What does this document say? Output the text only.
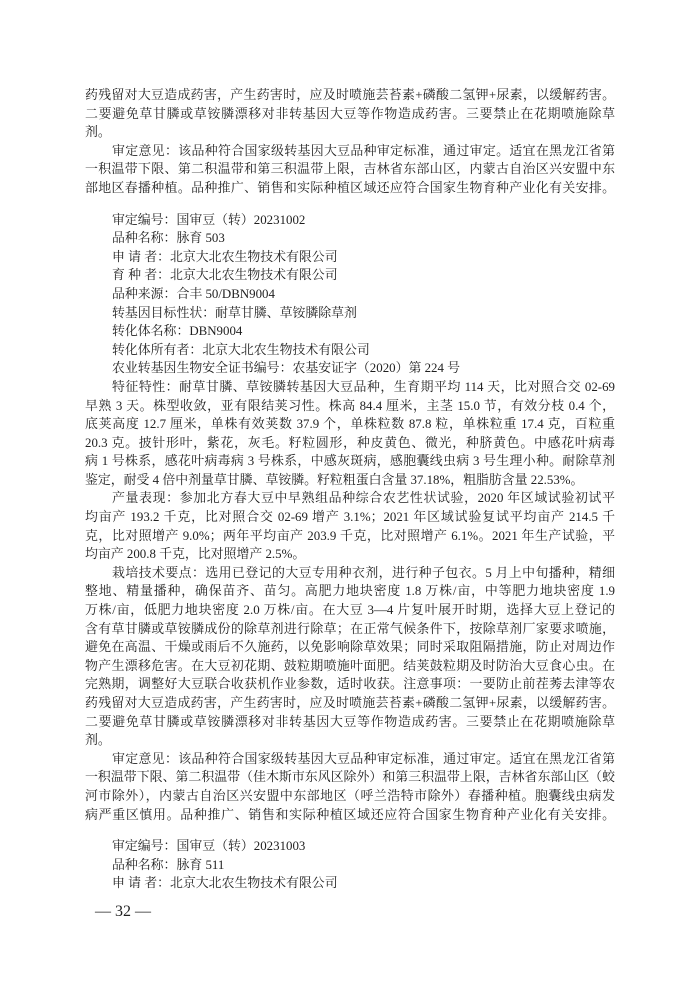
药残留对大豆造成药害，产生药害时，应及时喷施芸苔素+磷酸二氢钾+尿素，以缓解药害。
二要避免草甘膦或草铵膦漂移对非转基因大豆等作物造成药害。三要禁止在花期喷施除草
剂。
审定意见：该品种符合国家级转基因大豆品种审定标准，通过审定。适宜在黑龙江省第
一积温带下限、第二积温带和第三积温带上限，吉林省东部山区，内蒙古自治区兴安盟中东
部地区春播种植。品种推广、销售和实际种植区域还应符合国家生物育种产业化有关安排。
审定编号：国审豆（转）20231002
品种名称：脉育 503
申 请 者：北京大北农生物技术有限公司
育 种 者：北京大北农生物技术有限公司
品种来源：合丰 50/DBN9004
转基因目标性状：耐草甘膦、草铵膦除草剂
转化体名称：DBN9004
转化体所有者：北京大北农生物技术有限公司
农业转基因生物安全证书编号：农基安证字（2020）第 224 号
特征特性：耐草甘膦、草铵膦转基因大豆品种，生育期平均 114 天，比对照合交 02-69
早熟 3 天。株型收敛，亚有限结荚习性。株高 84.4 厘米，主茎 15.0 节，有效分枝 0.4 个，
底荚高度 12.7 厘米，单株有效荚数 37.9 个，单株粒数 87.8 粒，单株粒重 17.4 克，百粒重
20.3 克。披针形叶，紫花，灰毛。籽粒圆形，种皮黄色、微光，种脐黄色。中感花叶病毒
病 1 号株系，感花叶病毒病 3 号株系，中感灰斑病，感胞囊线虫病 3 号生理小种。耐除草剂
鉴定，耐受 4 倍中剂量草甘膦、草铵膦。籽粒粗蛋白含量 37.18%，粗脂肪含量 22.53%。
产量表现：参加北方春大豆中早熟组品种综合农艺性状试验，2020 年区域试验初试平
均亩产 193.2 千克，比对照合交 02-69 增产 3.1%；2021 年区域试验复试平均亩产 214.5 千
克，比对照增产 9.0%；两年平均亩产 203.9 千克，比对照增产 6.1%。2021 年生产试验，平
均亩产 200.8 千克，比对照增产 2.5%。
栽培技术要点：选用已登记的大豆专用种衣剂，进行种子包衣。5 月上中旬播种，精细
整地、精量播种，确保苗齐、苗匀。高肥力地块密度 1.8 万株/亩，中等肥力地块密度 1.9
万株/亩，低肥力地块密度 2.0 万株/亩。在大豆 3—4 片复叶展开时期，选择大豆上登记的
含有草甘膦或草铵膦成份的除草剂进行除草；在正常气候条件下，按除草剂厂家要求喷施，
避免在高温、干燥或雨后不久施药，以免影响除草效果；同时采取阻隔措施，防止对周边作
物产生漂移危害。在大豆初花期、鼓粒期喷施叶面肥。结荚鼓粒期及时防治大豆食心虫。在
完熟期，调整好大豆联合收获机作业参数，适时收获。注意事项：一要防止前茬莠去津等农
药残留对大豆造成药害，产生药害时，应及时喷施芸苔素+磷酸二氢钾+尿素，以缓解药害。
二要避免草甘膦或草铵膦漂移对非转基因大豆等作物造成药害。三要禁止在花期喷施除草
剂。
审定意见：该品种符合国家级转基因大豆品种审定标准，通过审定。适宜在黑龙江省第
一积温带下限、第二积温带（佳木斯市东风区除外）和第三积温带上限，吉林省东部山区（蛟
河市除外），内蒙古自治区兴安盟中东部地区（呼兰浩特市除外）春播种植。胞囊线虫病发
病严重区慎用。品种推广、销售和实际种植区域还应符合国家生物育种产业化有关安排。
审定编号：国审豆（转）20231003
品种名称：脉育 511
申 请 者：北京大北农生物技术有限公司
— 32 —
